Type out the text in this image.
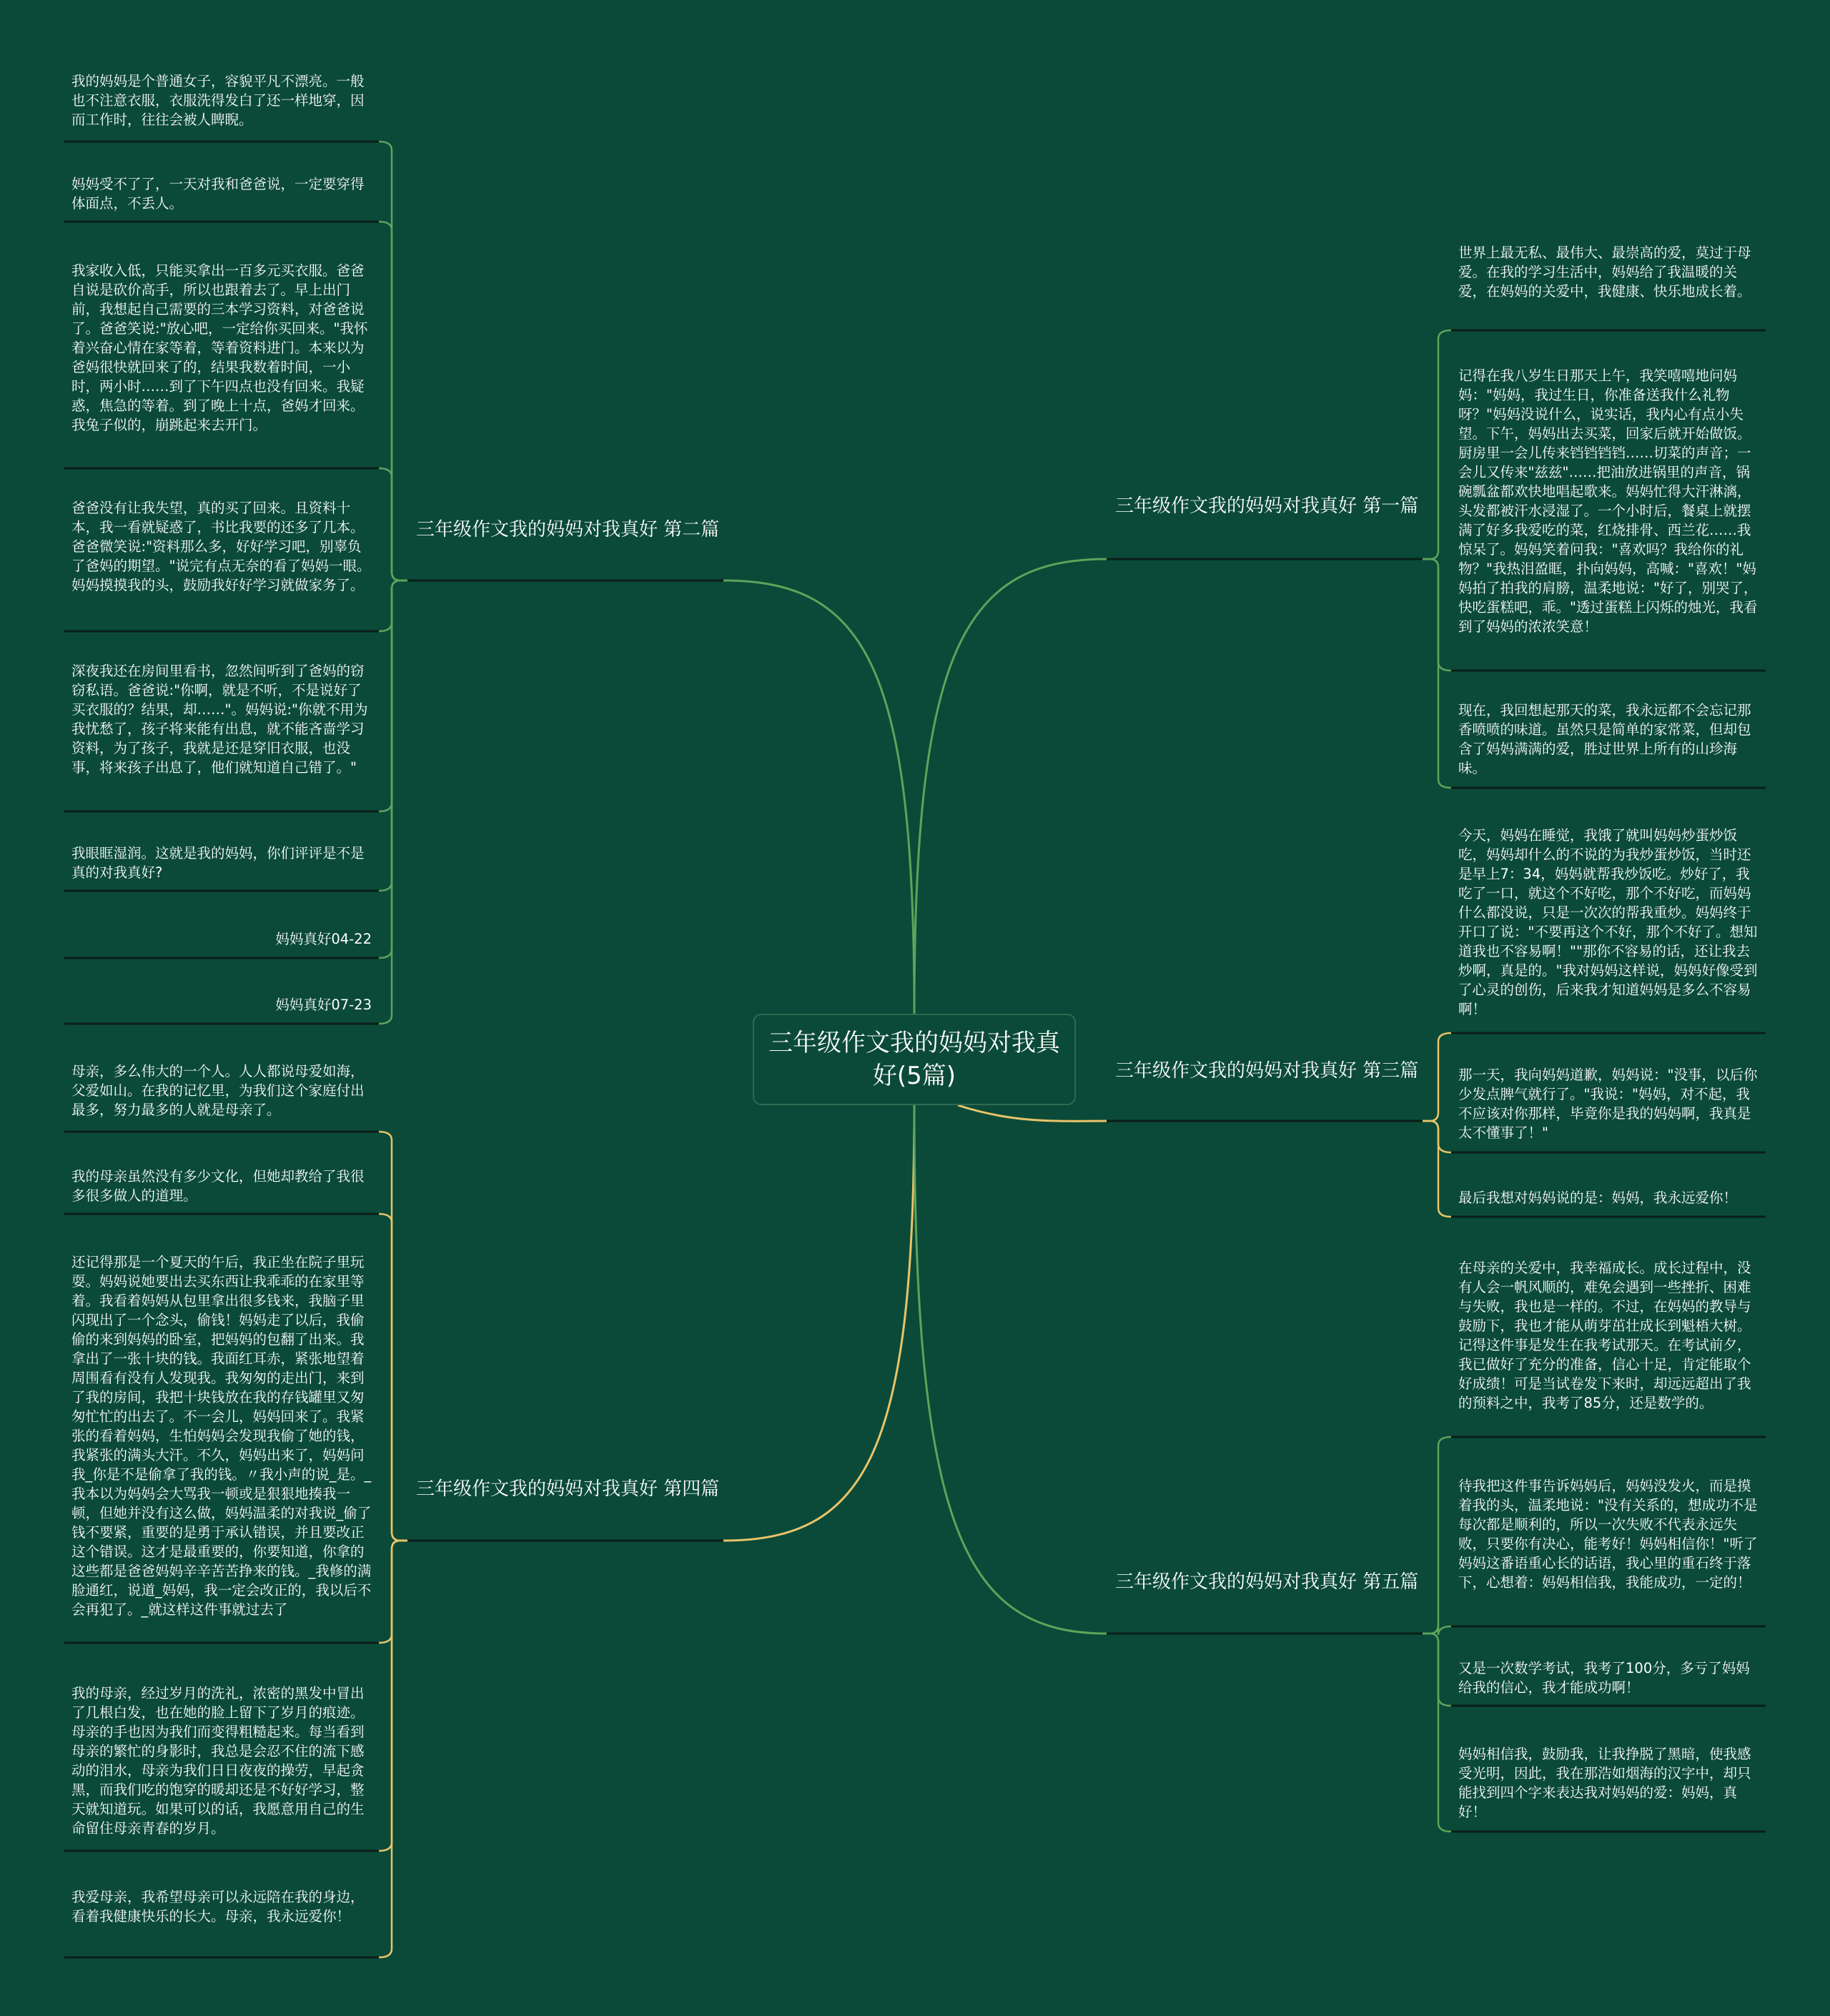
三年级作文我的妈妈对我真好(5篇)
三年级作文我的妈妈对我真好 第一篇
世界上最无私、最伟大、最崇高的爱，莫过于母爱。在我的学习生活中，妈妈给了我温暖的关爱，在妈妈的关爱中，我健康、快乐地成长着。
记得在我八岁生日那天上午，我笑嘻嘻地问妈妈："妈妈，我过生日，你准备送我什么礼物呀？"妈妈没说什么，说实话，我内心有点小失望。下午，妈妈出去买菜，回家后就开始做饭。厨房里一会儿传来铛铛铛铛……切菜的声音；一会儿又传来"兹兹"……把油放进锅里的声音，锅碗瓢盆都欢快地唱起歌来。妈妈忙得大汗淋漓，头发都被汗水浸湿了。一个小时后，餐桌上就摆满了好多我爱吃的菜，红烧排骨、西兰花……我惊呆了。妈妈笑着问我："喜欢吗？我给你的礼物？"我热泪盈眶，扑向妈妈，高喊："喜欢！"妈妈拍了拍我的肩膀，温柔地说："好了，别哭了，快吃蛋糕吧，乖。"透过蛋糕上闪烁的烛光，我看到了妈妈的浓浓笑意！
现在，我回想起那天的菜，我永远都不会忘记那香喷喷的味道。虽然只是简单的家常菜，但却包含了妈妈满满的爱，胜过世界上所有的山珍海味。
三年级作文我的妈妈对我真好 第二篇
我的妈妈是个普通女子，容貌平凡不漂亮。一般也不注意衣服，衣服洗得发白了还一样地穿，因而工作时，往往会被人睥睨。
妈妈受不了了，一天对我和爸爸说，一定要穿得体面点，不丢人。
我家收入低，只能买拿出一百多元买衣服。爸爸自说是砍价高手，所以也跟着去了。早上出门前，我想起自己需要的三本学习资料，对爸爸说了。爸爸笑说:"放心吧，一定给你买回来。"我怀着兴奋心情在家等着，等着资料进门。本来以为爸妈很快就回来了的，结果我数着时间，一小时，两小时……到了下午四点也没有回来。我疑惑，焦急的等着。到了晚上十点，爸妈才回来。我兔子似的，崩跳起来去开门。
爸爸没有让我失望，真的买了回来。且资料十本，我一看就疑惑了，书比我要的还多了几本。爸爸微笑说:"资料那么多，好好学习吧，别辜负了爸妈的期望。"说完有点无奈的看了妈妈一眼。妈妈摸摸我的头，鼓励我好好学习就做家务了。
深夜我还在房间里看书，忽然间听到了爸妈的窃窃私语。爸爸说:"你啊，就是不听，不是说好了买衣服的？结果，却……"。妈妈说:"你就不用为我忧愁了，孩子将来能有出息，就不能吝啬学习资料，为了孩子，我就是还是穿旧衣服，也没事，将来孩子出息了，他们就知道自己错了。"
我眼眶湿润。这就是我的妈妈，你们评评是不是真的对我真好?
妈妈真好04-22
妈妈真好07-23
三年级作文我的妈妈对我真好 第三篇
今天，妈妈在睡觉，我饿了就叫妈妈炒蛋炒饭吃，妈妈却什么的不说的为我炒蛋炒饭，当时还是早上7：34，妈妈就帮我炒饭吃。炒好了，我吃了一口，就这个不好吃，那个不好吃，而妈妈什么都没说，只是一次次的帮我重炒。妈妈终于开口了说："不要再这个不好，那个不好了。想知道我也不容易啊！""那你不容易的话，还让我去炒啊，真是的。"我对妈妈这样说，妈妈好像受到了心灵的创伤，后来我才知道妈妈是多么不容易啊！
那一天，我向妈妈道歉，妈妈说："没事，以后你少发点脾气就行了。"我说："妈妈，对不起，我不应该对你那样，毕竟你是我的妈妈啊，我真是太不懂事了！"
最后我想对妈妈说的是：妈妈，我永远爱你！
三年级作文我的妈妈对我真好 第四篇
母亲，多么伟大的一个人。人人都说母爱如海，父爱如山。在我的记忆里，为我们这个家庭付出最多，努力最多的人就是母亲了。
我的母亲虽然没有多少文化，但她却教给了我很多很多做人的道理。
还记得那是一个夏天的午后，我正坐在院子里玩耍。妈妈说她要出去买东西让我乖乖的在家里等着。我看着妈妈从包里拿出很多钱来，我脑子里闪现出了一个念头，偷钱！妈妈走了以后，我偷偷的来到妈妈的卧室，把妈妈的包翻了出来。我拿出了一张十块的钱。我面红耳赤，紧张地望着周围看有没有人发现我。我匆匆的走出门，来到了我的房间，我把十块钱放在我的存钱罐里又匆匆忙忙的出去了。不一会儿，妈妈回来了。我紧张的看着妈妈，生怕妈妈会发现我偷了她的钱，我紧张的满头大汗。不久，妈妈出来了，妈妈问我_你是不是偷拿了我的钱。〃我小声的说_是。_我本以为妈妈会大骂我一顿或是狠狠地揍我一顿，但她并没有这么做，妈妈温柔的对我说_偷了钱不要紧，重要的是勇于承认错误，并且要改正这个错误。这才是最重要的，你要知道，你拿的这些都是爸爸妈妈辛辛苦苦挣来的钱。_我修的满脸通红，说道_妈妈，我一定会改正的，我以后不会再犯了。_就这样这件事就过去了
我的母亲，经过岁月的洗礼，浓密的黑发中冒出了几根白发，也在她的脸上留下了岁月的痕迹。母亲的手也因为我们而变得粗糙起来。每当看到母亲的繁忙的身影时，我总是会忍不住的流下感动的泪水，母亲为我们日日夜夜的操劳，早起贪黑，而我们吃的饱穿的暖却还是不好好学习，整天就知道玩。如果可以的话，我愿意用自己的生命留住母亲青春的岁月。
我爱母亲，我希望母亲可以永远陪在我的身边，看着我健康快乐的长大。母亲，我永远爱你！
三年级作文我的妈妈对我真好 第五篇
在母亲的关爱中，我幸福成长。成长过程中，没有人会一帆风顺的，难免会遇到一些挫折、困难与失败，我也是一样的。不过，在妈妈的教导与鼓励下，我也才能从萌芽茁壮成长到魁梧大树。记得这件事是发生在我考试那天。在考试前夕，我已做好了充分的准备，信心十足，肯定能取个好成绩！可是当试卷发下来时，却远远超出了我的预料之中，我考了85分，还是数学的。
待我把这件事告诉妈妈后，妈妈没发火，而是摸着我的头，温柔地说："没有关系的，想成功不是每次都是顺利的，所以一次失败不代表永远失败，只要你有决心，能考好！妈妈相信你！"听了妈妈这番语重心长的话语，我心里的重石终于落下，心想着：妈妈相信我，我能成功，一定的！
又是一次数学考试，我考了100分，多亏了妈妈给我的信心，我才能成功啊！
妈妈相信我，鼓励我，让我挣脱了黑暗，使我感受光明，因此，我在那浩如烟海的汉字中，却只能找到四个字来表达我对妈妈的爱：妈妈，真好！
